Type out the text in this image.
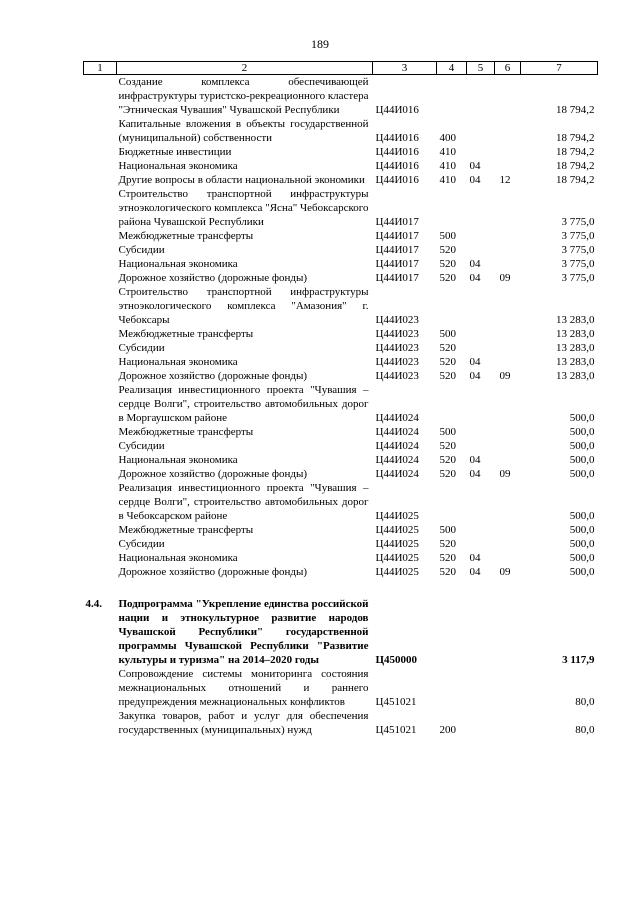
189
1	2	3	4	5	6	7
	Создание комплекса обеспечивающей инфраструктуры туристско-рекреационного кластера "Этническая Чувашия" Чувашской Республики	Ц44И016				18 794,2
	Капитальные вложения в объекты государственной (муниципальной) собственности	Ц44И016	400			18 794,2
	Бюджетные инвестиции	Ц44И016	410			18 794,2
	Национальная экономика	Ц44И016	410	04		18 794,2
	Другие вопросы в области национальной экономики	Ц44И016	410	04	12	18 794,2
	Строительство транспортной инфраструктуры этноэкологического комплекса "Ясна" Чебоксарского района Чувашской Республики	Ц44И017				3 775,0
	Межбюджетные трансферты	Ц44И017	500			3 775,0
	Субсидии	Ц44И017	520			3 775,0
	Национальная экономика	Ц44И017	520	04		3 775,0
	Дорожное хозяйство (дорожные фонды)	Ц44И017	520	04	09	3 775,0
	Строительство транспортной инфраструктуры этноэкологического комплекса "Амазония" г. Чебоксары	Ц44И023				13 283,0
	Межбюджетные трансферты	Ц44И023	500			13 283,0
	Субсидии	Ц44И023	520			13 283,0
	Национальная экономика	Ц44И023	520	04		13 283,0
	Дорожное хозяйство (дорожные фонды)	Ц44И023	520	04	09	13 283,0
	Реализация инвестиционного проекта "Чувашия – сердце Волги", строительство автомобильных дорог в Моргаушском районе	Ц44И024				500,0
	Межбюджетные трансферты	Ц44И024	500			500,0
	Субсидии	Ц44И024	520			500,0
	Национальная экономика	Ц44И024	520	04		500,0
	Дорожное хозяйство (дорожные фонды)	Ц44И024	520	04	09	500,0
	Реализация инвестиционного проекта "Чувашия – сердце Волги", строительство автомобильных дорог в Чебоксарском районе	Ц44И025				500,0
	Межбюджетные трансферты	Ц44И025	500			500,0
	Субсидии	Ц44И025	520			500,0
	Национальная экономика	Ц44И025	520	04		500,0
	Дорожное хозяйство (дорожные фонды)	Ц44И025	520	04	09	500,0

4.4.	Подпрограмма "Укрепление единства российской нации и этнокультурное развитие народов Чувашской Республики" государственной программы Чувашской Республики "Развитие культуры и туризма" на 2014–2020 годы	Ц450000				3 117,9
	Сопровождение системы мониторинга состояния межнациональных отношений и раннего предупреждения межнациональных конфликтов	Ц451021				80,0
	Закупка товаров, работ и услуг для обеспечения государственных (муниципальных) нужд	Ц451021	200			80,0
